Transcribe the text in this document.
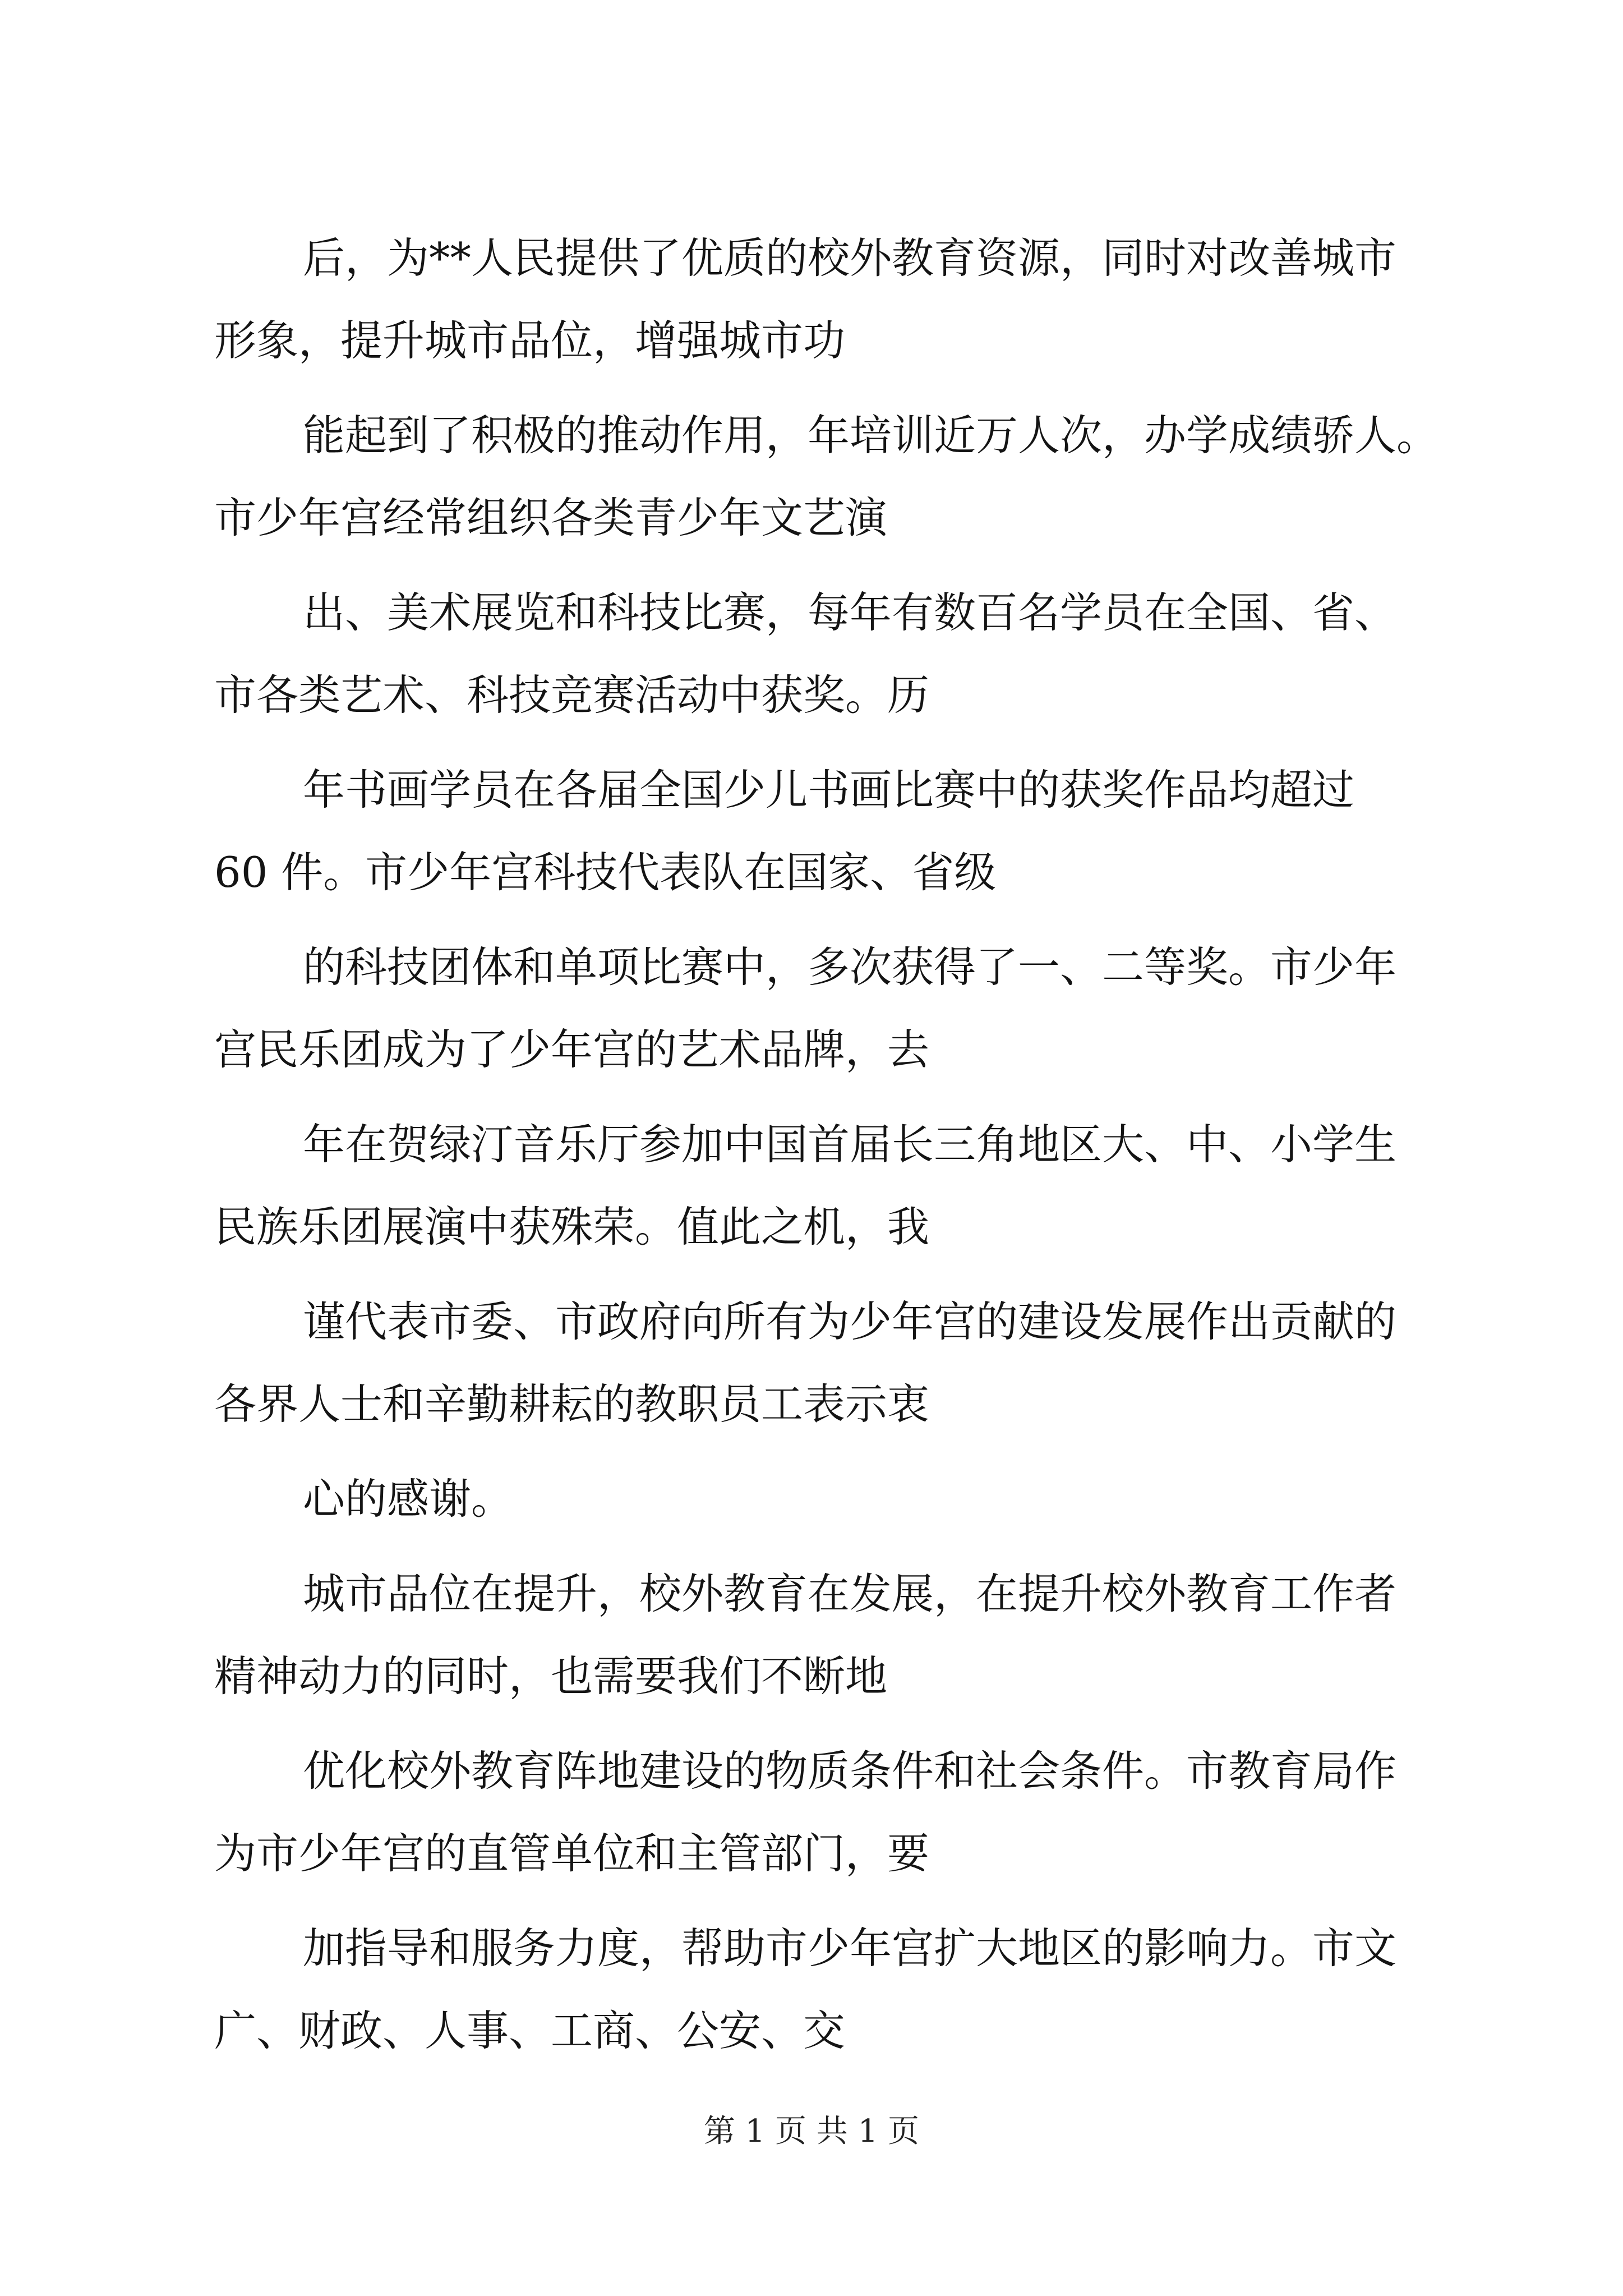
后，为**人民提供了优质的校外教育资源，同时对改善城市

形象，提升城市品位，增强城市功

能起到了积极的推动作用，年培训近万人次，办学成绩骄人。

市少年宫经常组织各类青少年文艺演

出、美术展览和科技比赛，每年有数百名学员在全国、省、

市各类艺术、科技竞赛活动中获奖。历

年书画学员在各届全国少儿书画比赛中的获奖作品均超过

60 件。市少年宫科技代表队在国家、省级

的科技团体和单项比赛中，多次获得了一、二等奖。市少年

宫民乐团成为了少年宫的艺术品牌，去

年在贺绿汀音乐厅参加中国首届长三角地区大、中、小学生

民族乐团展演中获殊荣。值此之机，我

谨代表市委、市政府向所有为少年宫的建设发展作出贡献的

各界人士和辛勤耕耘的教职员工表示衷

心的感谢。

城市品位在提升，校外教育在发展，在提升校外教育工作者

精神动力的同时，也需要我们不断地

优化校外教育阵地建设的物质条件和社会条件。市教育局作

为市少年宫的直管单位和主管部门，要

加指导和服务力度，帮助市少年宫扩大地区的影响力。市文

广、财政、人事、工商、公安、交

第 1 页 共 1 页
